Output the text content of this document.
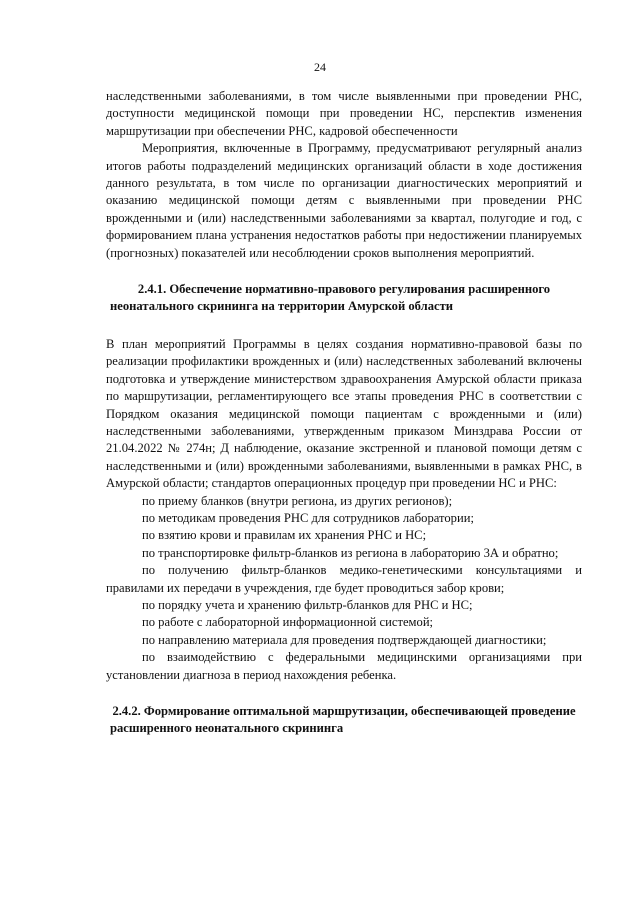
24

наследственными заболеваниями, в том числе выявленными при проведении РНС, доступности медицинской помощи при проведении НС, перспектив изменения маршрутизации при обеспечении РНС, кадровой обеспеченности

Мероприятия, включенные в Программу, предусматривают регулярный анализ итогов работы подразделений медицинских организаций области в ходе достижения данного результата, в том числе по организации диагностических мероприятий и оказанию медицинской помощи детям с выявленными при проведении РНС врожденными и (или) наследственными заболеваниями за квартал, полугодие и год, с формированием плана устранения недостатков работы при недостижении планируемых (прогнозных) показателей или несоблюдении сроков выполнения мероприятий.

2.4.1. Обеспечение нормативно-правового регулирования расширенного неонатального скрининга на территории Амурской области

В план мероприятий Программы в целях создания нормативно-правовой базы по реализации профилактики врожденных и (или) наследственных заболеваний включены подготовка и утверждение министерством здравоохранения Амурской области приказа по маршрутизации, регламентирующего все этапы проведения РНС в соответствии с Порядком оказания медицинской помощи пациентам с врожденными и (или) наследственными заболеваниями, утвержденным приказом Минздрава России от 21.04.2022 № 274н; Д наблюдение, оказание экстренной и плановой помощи детям с наследственными и (или) врожденными заболеваниями, выявленными в рамках РНС, в Амурской области; стандартов операционных процедур при проведении НС и РНС:

по приему бланков (внутри региона, из других регионов);

по методикам проведения РНС для сотрудников лаборатории;

по взятию крови и правилам их хранения РНС и НС;

по транспортировке фильтр-бланков из региона в лабораторию 3А и обратно;

по получению фильтр-бланков медико-генетическими консультациями и правилами их передачи в учреждения, где будет проводиться забор крови;

по порядку учета и хранению фильтр-бланков для РНС и НС;

по работе с лабораторной информационной системой;

по направлению материала для проведения подтверждающей диагностики;

по взаимодействию с федеральными медицинскими организациями при установлении диагноза в период нахождения ребенка.

2.4.2. Формирование оптимальной маршрутизации, обеспечивающей проведение расширенного неонатального скрининга
